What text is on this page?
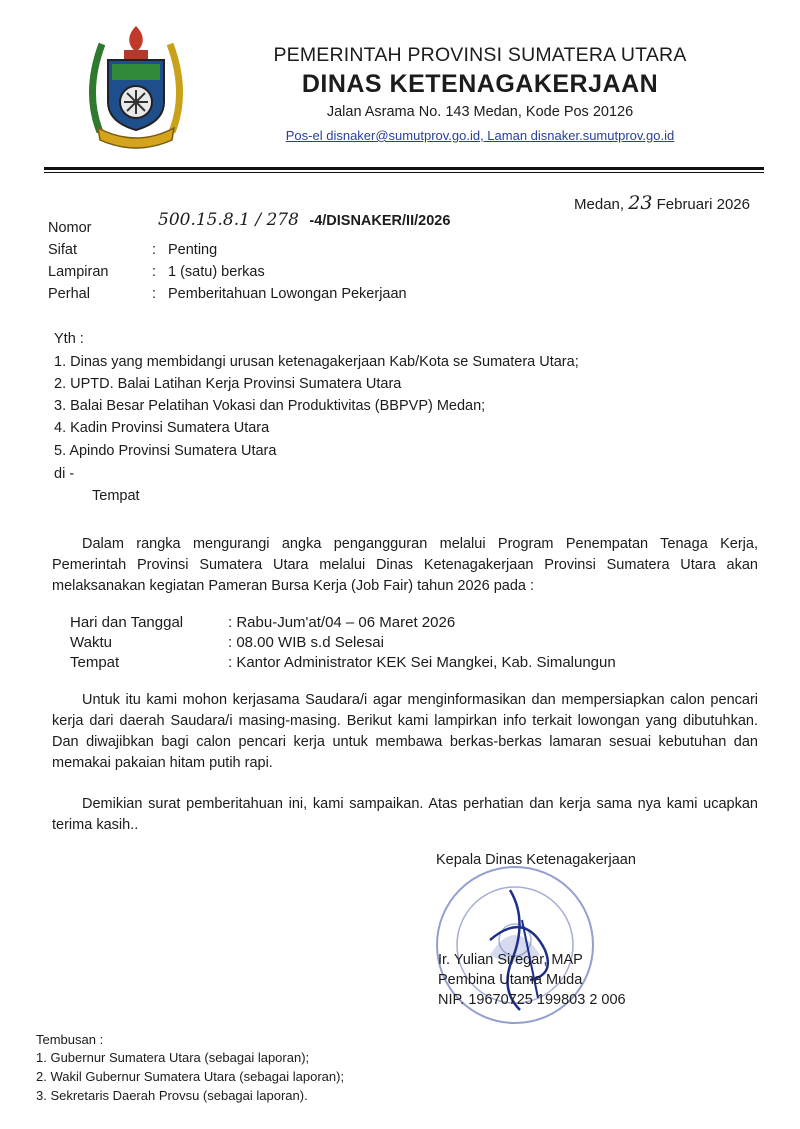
PEMERINTAH PROVINSI SUMATERA UTARA
DINAS KETENAGAKERJAAN
Jalan Asrama No. 143 Medan, Kode Pos 20126
Pos-el disnaker@sumutprov.go.id, Laman disnaker.sumutprov.go.id
Medan, 23 Februari 2026
Nomor	500.15.8.1 / 278 -4/DISNAKER/II/2026
Sifat	: Penting
Lampiran	: 1 (satu) berkas
Perhal	: Pemberitahuan Lowongan Pekerjaan
Yth :
1. Dinas yang membidangi urusan ketenagakerjaan Kab/Kota se Sumatera Utara;
2. UPTD. Balai Latihan Kerja Provinsi Sumatera Utara
3. Balai Besar Pelatihan Vokasi dan Produktivitas (BBPVP) Medan;
4. Kadin Provinsi Sumatera Utara
5. Apindo Provinsi Sumatera Utara
di -
Tempat
Dalam rangka mengurangi angka pengangguran melalui Program Penempatan Tenaga Kerja, Pemerintah Provinsi Sumatera Utara melalui Dinas Ketenagakerjaan Provinsi Sumatera Utara akan melaksanakan kegiatan Pameran Bursa Kerja (Job Fair) tahun 2026 pada :
Hari dan Tanggal	: Rabu-Jum'at/04 – 06 Maret 2026
Waktu	: 08.00 WIB s.d Selesai
Tempat	: Kantor Administrator KEK Sei Mangkei, Kab. Simalungun
Untuk itu kami mohon kerjasama Saudara/i agar menginformasikan dan mempersiapkan calon pencari kerja dari daerah Saudara/i masing-masing. Berikut kami lampirkan info terkait lowongan yang dibutuhkan. Dan diwajibkan bagi calon pencari kerja untuk membawa berkas-berkas lamaran sesuai kebutuhan dan memakai pakaian hitam putih rapi.
Demikian surat pemberitahuan ini, kami sampaikan. Atas perhatian dan kerja sama nya kami ucapkan terima kasih..
Kepala Dinas Ketenagakerjaan
Ir. Yulian Siregar, MAP
Pembina Utama Muda
NIP. 19670725 199803 2 006
Tembusan :
1. Gubernur Sumatera Utara (sebagai laporan);
2. Wakil Gubernur Sumatera Utara (sebagai laporan);
3. Sekretaris Daerah Provsu (sebagai laporan).
